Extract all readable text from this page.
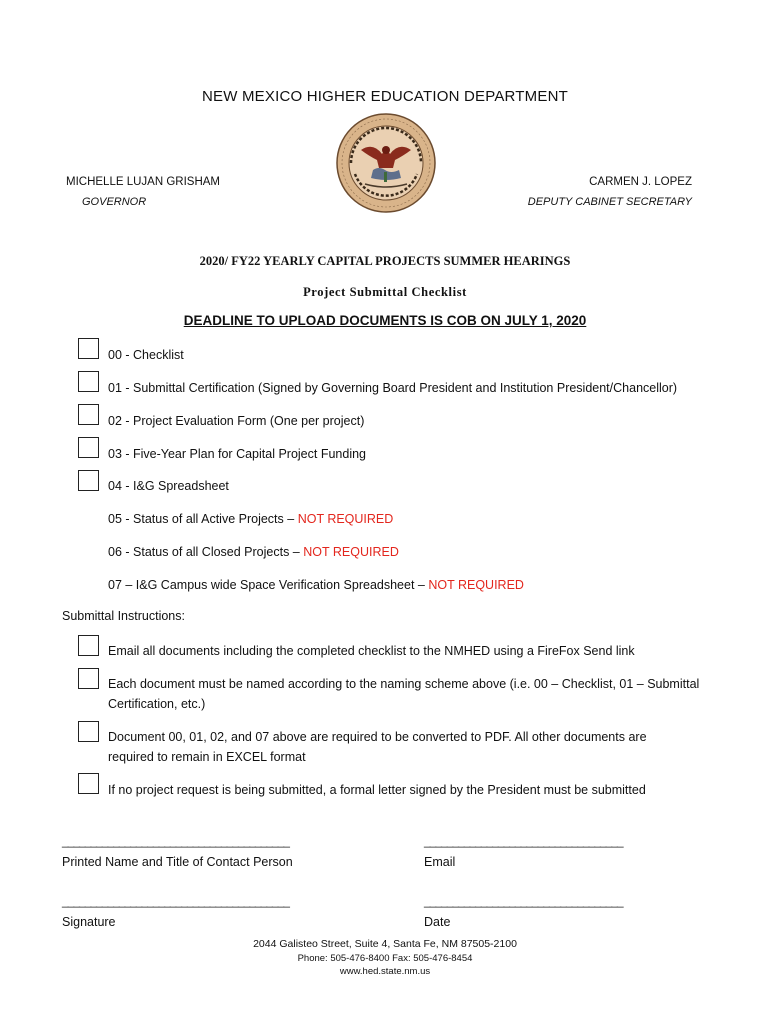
NEW MEXICO HIGHER EDUCATION DEPARTMENT
MICHELLE LUJAN GRISHAM
GOVERNOR
CARMEN J. LOPEZ
DEPUTY CABINET SECRETARY
2020/ FY22 YEARLY CAPITAL PROJECTS SUMMER HEARINGS
Project Submittal Checklist
DEADLINE TO UPLOAD DOCUMENTS IS COB ON JULY 1, 2020
00 - Checklist
01 - Submittal Certification (Signed by Governing Board President and Institution President/Chancellor)
02 - Project Evaluation Form (One per project)
03 - Five-Year Plan for Capital Project Funding
04 - I&G Spreadsheet
05 - Status of all Active Projects – NOT REQUIRED
06 - Status of all Closed Projects – NOT REQUIRED
07 – I&G Campus wide Space Verification Spreadsheet – NOT REQUIRED
Submittal Instructions:
Email all documents including the completed checklist to the NMHED using a FireFox Send link
Each document must be named according to the naming scheme above (i.e. 00 – Checklist, 01 – Submittal Certification, etc.)
Document 00, 01, 02, and 07 above are required to be converted to PDF. All other documents are required to remain in EXCEL format
If no project request is being submitted, a formal letter signed by the President must be submitted
________________________________________
Printed Name and Title of Contact Person
___________________________________
Email
________________________________________
Signature
___________________________________
Date
2044 Galisteo Street, Suite 4, Santa Fe, NM 87505-2100
Phone: 505-476-8400 Fax: 505-476-8454
www.hed.state.nm.us
